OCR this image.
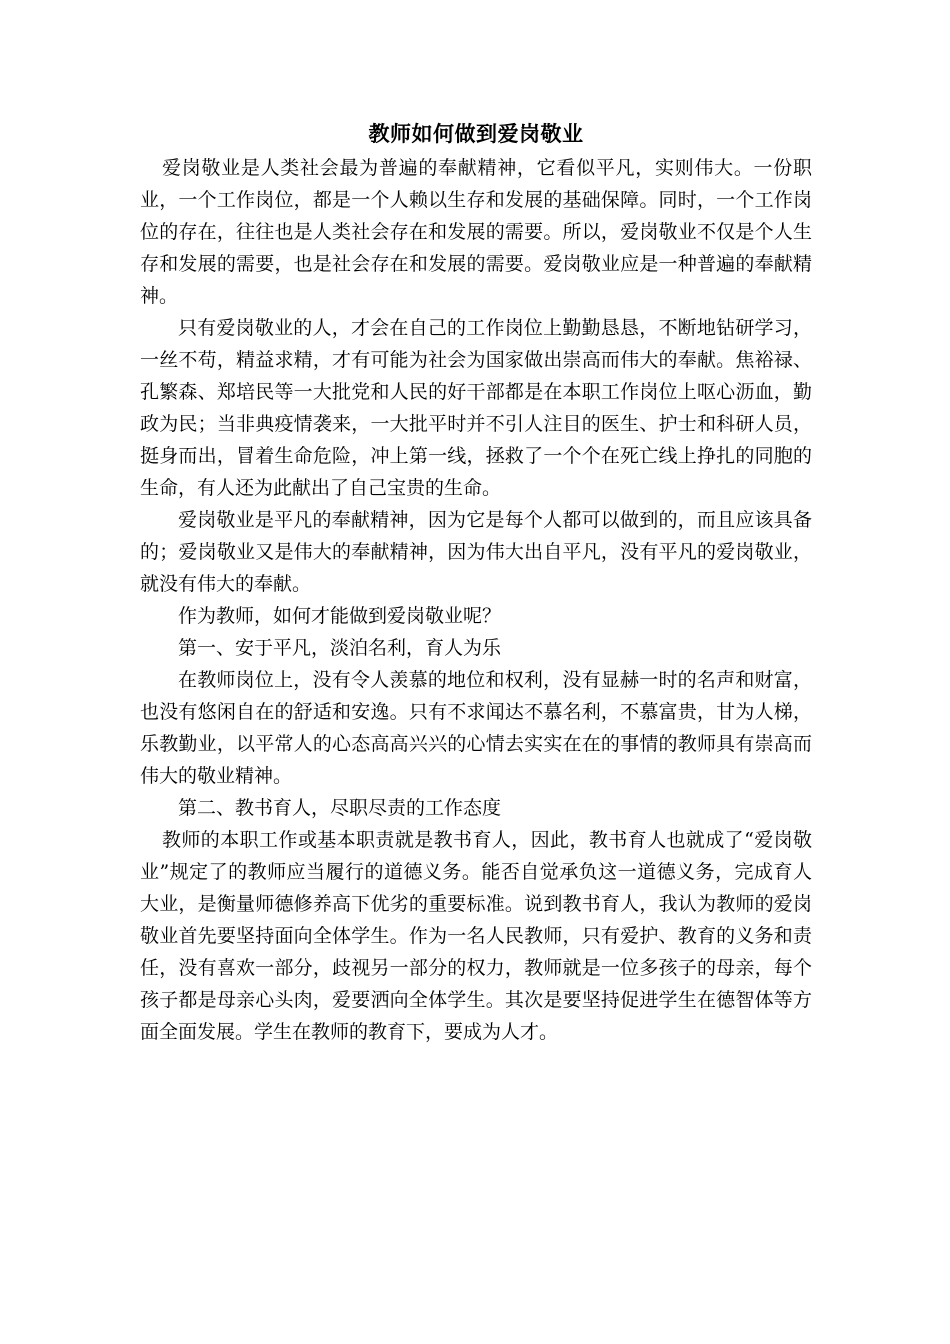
教师如何做到爱岗敬业

爱岗敬业是人类社会最为普遍的奉献精神，它看似平凡，实则伟大。一份职业，一个工作岗位，都是一个人赖以生存和发展的基础保障。同时，一个工作岗位的存在，往往也是人类社会存在和发展的需要。所以，爱岗敬业不仅是个人生存和发展的需要，也是社会存在和发展的需要。爱岗敬业应是一种普遍的奉献精神。

只有爱岗敬业的人，才会在自己的工作岗位上勤勤恳恳，不断地钻研学习，一丝不苟，精益求精，才有可能为社会为国家做出崇高而伟大的奉献。焦裕禄、孔繁森、郑培民等一大批党和人民的好干部都是在本职工作岗位上呕心沥血，勤政为民；当非典疫情袭来，一大批平时并不引人注目的医生、护士和科研人员，挺身而出，冒着生命危险，冲上第一线，拯救了一个个在死亡线上挣扎的同胞的生命，有人还为此献出了自己宝贵的生命。

爱岗敬业是平凡的奉献精神，因为它是每个人都可以做到的，而且应该具备的；爱岗敬业又是伟大的奉献精神，因为伟大出自平凡，没有平凡的爱岗敬业，就没有伟大的奉献。

作为教师，如何才能做到爱岗敬业呢？

第一、安于平凡，淡泊名利，育人为乐

在教师岗位上，没有令人羡慕的地位和权利，没有显赫一时的名声和财富，也没有悠闲自在的舒适和安逸。只有不求闻达不慕名利，不慕富贵，甘为人梯，乐教勤业，以平常人的心态高高兴兴的心情去实实在在的事情的教师具有崇高而伟大的敬业精神。

第二、教书育人，尽职尽责的工作态度

教师的本职工作或基本职责就是教书育人，因此，教书育人也就成了“爱岗敬业”规定了的教师应当履行的道德义务。能否自觉承负这一道德义务，完成育人大业，是衡量师德修养高下优劣的重要标准。说到教书育人，我认为教师的爱岗敬业首先要坚持面向全体学生。作为一名人民教师，只有爱护、教育的义务和责任，没有喜欢一部分，歧视另一部分的权力，教师就是一位多孩子的母亲，每个孩子都是母亲心头肉，爱要洒向全体学生。其次是要坚持促进学生在德智体等方面全面发展。学生在教师的教育下，要成为人才。
